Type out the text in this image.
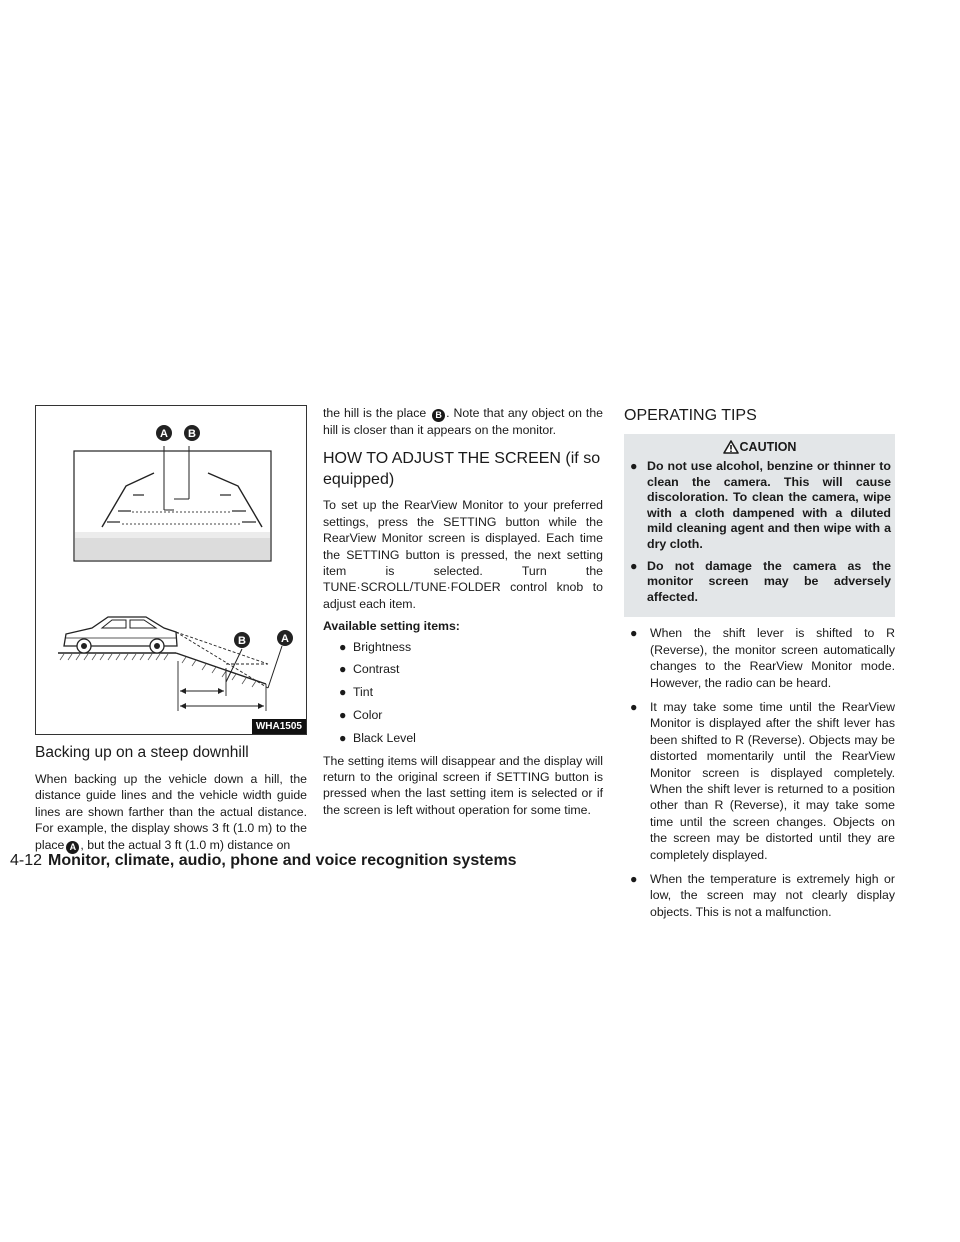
A B
B	A
WHA1505
Backing up on a steep downhill

When backing up the vehicle down a hill, the distance guide lines and the vehicle width guide lines are shown farther than the actual distance. For example, the display shows 3 ft (1.0 m) to the place A , but the actual 3 ft (1.0 m) distance on

the hill is the place B . Note that any object on the hill is closer than it appears on the monitor.

HOW TO ADJUST THE SCREEN (if so equipped)

To set up the RearView Monitor to your preferred settings, press the SETTING button while the RearView Monitor screen is displayed. Each time the SETTING button is pressed, the next setting item is selected. Turn the TUNE·SCROLL/TUNE·FOLDER control knob to adjust each item.

Available setting items:

● Brightness
● Contrast
● Tint
● Color
● Black Level

The setting items will disappear and the display will return to the original screen if SETTING button is pressed when the last setting item is selected or if the screen is left without operation for some time.

OPERATING TIPS
CAUTION
● Do not use alcohol, benzine or thinner to clean the camera. This will cause discoloration. To clean the camera, wipe with a cloth dampened with a diluted mild cleaning agent and then wipe with a dry cloth.
● Do not damage the camera as the monitor screen may be adversely affected.
● When the shift lever is shifted to R (Reverse), the monitor screen automatically changes to the RearView Monitor mode. However, the radio can be heard.
● It may take some time until the RearView Monitor is displayed after the shift lever has been shifted to R (Reverse). Objects may be distorted momentarily until the RearView Monitor screen is displayed completely. When the shift lever is returned to a position other than R (Reverse), it may take some time until the screen changes. Objects on the screen may be distorted until they are completely displayed.
● When the temperature is extremely high or low, the screen may not clearly display objects. This is not a malfunction.
4-12 Monitor, climate, audio, phone and voice recognition systems
